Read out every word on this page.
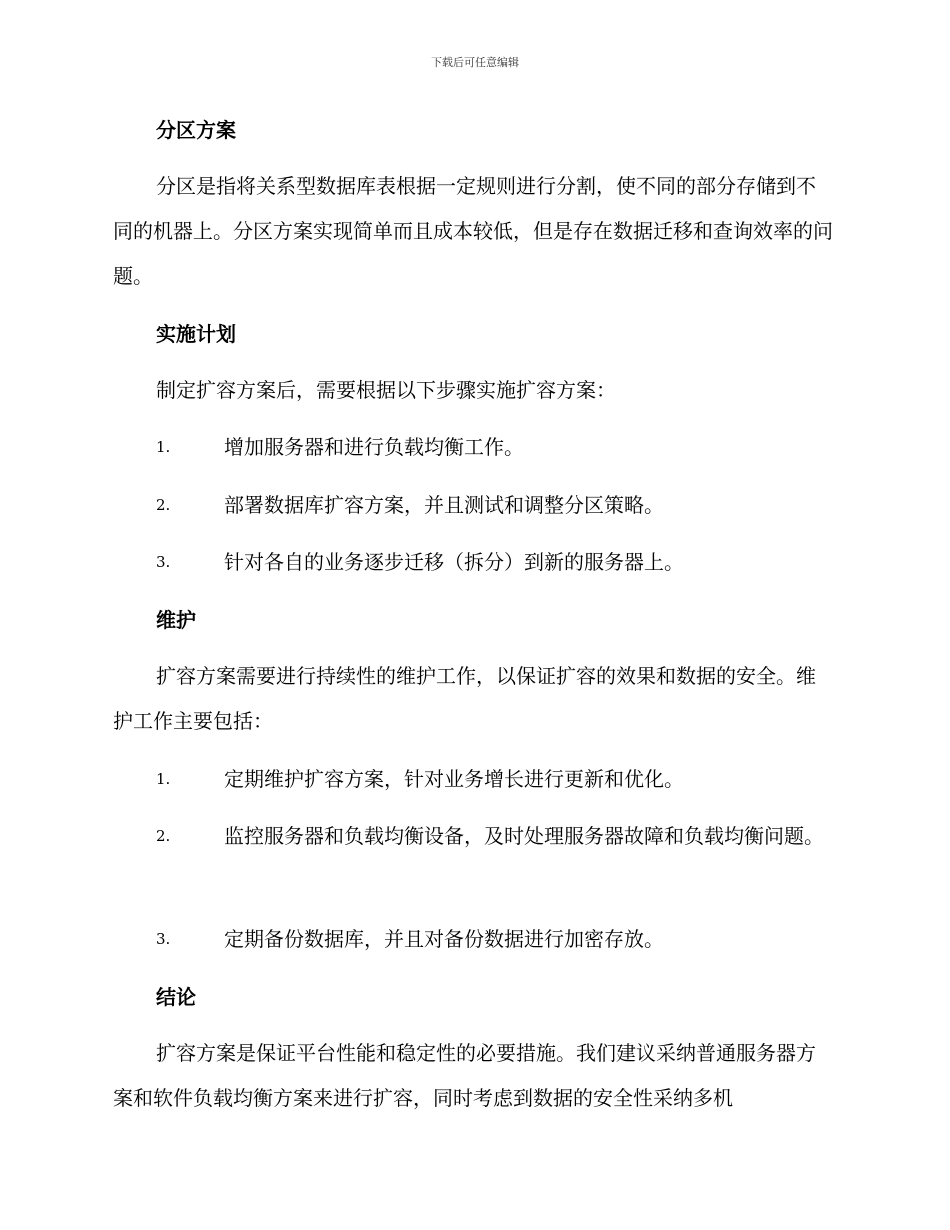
下载后可任意编辑
分区方案

分区是指将关系型数据库表根据一定规则进行分割，使不同的部分存储到不同的机器上。分区方案实现简单而且成本较低，但是存在数据迁移和查询效率的问题。

实施计划

制定扩容方案后，需要根据以下步骤实施扩容方案：

1.	增加服务器和进行负载均衡工作。
2.	部署数据库扩容方案，并且测试和调整分区策略。
3.	针对各自的业务逐步迁移（拆分）到新的服务器上。
维护

扩容方案需要进行持续性的维护工作，以保证扩容的效果和数据的安全。维护工作主要包括：

1.	定期维护扩容方案，针对业务增长进行更新和优化。
2.	监控服务器和负载均衡设备，及时处理服务器故障和负载均衡问题。
3.	定期备份数据库，并且对备份数据进行加密存放。
结论

扩容方案是保证平台性能和稳定性的必要措施。我们建议采纳普通服务器方案和软件负载均衡方案来进行扩容，同时考虑到数据的安全性采纳多机
